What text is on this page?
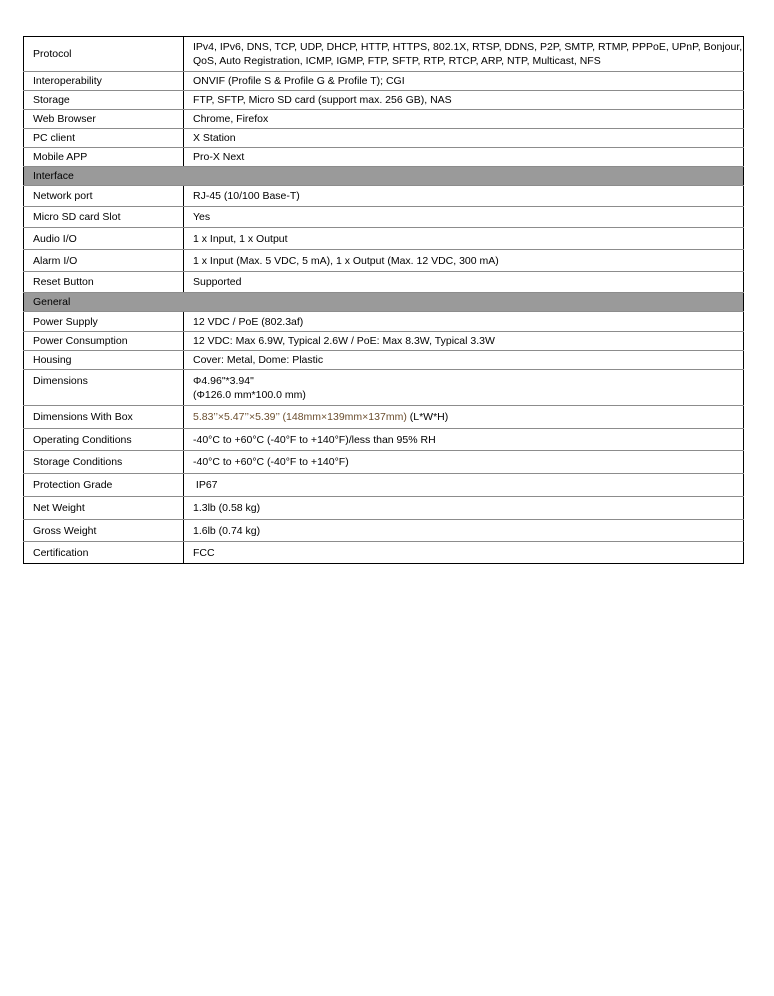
Protocol	IPv4, IPv6, DNS, TCP, UDP, DHCP, HTTP, HTTPS, 802.1X, RTSP, DDNS, P2P, SMTP, RTMP, PPPoE, UPnP, Bonjour,
QoS, Auto Registration, ICMP, IGMP, FTP, SFTP, RTP, RTCP, ARP, NTP, Multicast, NFS

Interoperability	ONVIF (Profile S & Profile G & Profile T); CGI
Storage	FTP, SFTP, Micro SD card (support max. 256 GB), NAS
Web Browser	Chrome, Firefox
PC client	X Station
Mobile APP	Pro-X Next
Interface	
Network port	RJ-45 (10/100 Base-T)
Micro SD card Slot	Yes
Audio I/O	1 x Input, 1 x Output
Alarm I/O	1 x Input (Max. 5 VDC, 5 mA), 1 x Output (Max. 12 VDC, 300 mA)
Reset Button	Supported
General	
Power Supply	12 VDC / PoE (802.3af)
Power Consumption	12 VDC: Max 6.9W, Typical 2.6W / PoE: Max 8.3W, Typical 3.3W
Housing	Cover: Metal, Dome: Plastic
Dimensions	Φ4.96"*3.94"
(Φ126.0 mm*100.0 mm)

Dimensions With Box	5.83’’×5.47’’×5.39’’ (148mm×139mm×137mm) (L*W*H)
Operating Conditions	-40°C to +60°C (-40°F to +140°F)/less than 95% RH
Storage Conditions	-40°C to +60°C (-40°F to +140°F)
Protection Grade	IP67
Net Weight	1.3lb (0.58 kg)
Gross Weight	1.6lb (0.74 kg)
Certification	FCC
